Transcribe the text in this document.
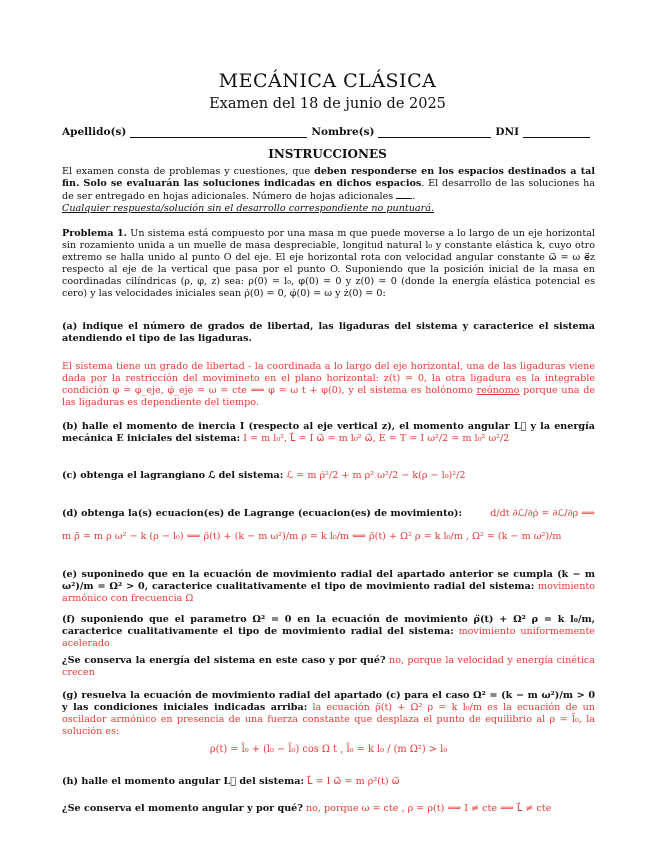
MECÁNICA CLÁSICA
Examen del 18 de junio de 2025
Apellido(s)	Nombre(s)	DNI
INSTRUCCIONES
El examen consta de problemas y cuestiones, que deben responderse en los espacios destinados a tal fin. Solo se evaluarán las soluciones indicadas en dichos espacios. El desarrollo de las soluciones ha de ser entregado en hojas adicionales. Número de hojas adicionales .
Cualquier respuesta/solución sin el desarrollo correspondiente no puntuará.
Problema 1. Un sistema está compuesto por una masa m que puede moverse a lo largo de un eje horizontal sin rozamiento unida a un muelle de masa despreciable, longitud natural l₀ y constante elástica k, cuyo otro extremo se halla unido al punto O del eje. El eje horizontal rota con velocidad angular constante ω⃗ = ω e⃗z respecto al eje de la vertical que pasa por el punto O. Suponiendo que la posición inicial de la masa en coordinadas cilíndricas (ρ, φ, z) sea: ρ(0) = l₀, φ(0) = 0 y z(0) = 0 (donde la energía elástica potencial es cero) y las velocidades iniciales sean ρ̇(0) = 0, φ̇(0) = ω y ż(0) = 0:
(a) indique el número de grados de libertad, las ligaduras del sistema y caracterice el sistema atendiendo el tipo de las ligaduras.
El sistema tiene un grado de libertad - la coordinada a lo largo del eje horizontal, una de las ligaduras viene dada por la restricción del movimineto en el plano horizontal: z(t) = 0, la otra ligadura es la integrable condición φ = φ_eje, φ̇_eje = ω = cte ⟹ φ = ω t + φ(0), y el sistema es holónomo reónomo porque una de las ligaduras es dependiente del tiempo.
(b) halle el momento de inercia I (respecto al eje vertical z), el momento angular L⃗ y la energía mecánica E iniciales del sistema: I = m l₀², L⃗ = I ω⃗ = m l₀² ω⃗, E = T = I ω²/2 = m l₀² ω²/2
(c) obtenga el lagrangiano ℒ del sistema: ℒ = m ρ̇²/2 + m ρ² ω²/2 − k(ρ − l₀)²/2
(d) obtenga la(s) ecuacion(es) de Lagrange (ecuacion(es) de movimiento):	d/dt ∂ℒ/∂ρ̇ = ∂ℒ/∂ρ ⟹
m ρ̈ = m ρ ω² − k (ρ − l₀) ⟺ ρ̈(t) + (k − m ω²)/m ρ = k l₀/m ⟺ ρ̈(t) + Ω² ρ = k l₀/m , Ω² = (k − m ω²)/m
(e) suponinedo que en la ecuación de movimiento radial del apartado anterior se cumpla (k − m ω²)/m = Ω² > 0, caracterice cualitativamente el tipo de movimiento radial del sistema: movimiento armónico con frecuencia Ω
(f) suponiendo que el parametro Ω² = 0 en la ecuación de movimiento ρ̈(t) + Ω² ρ = k l₀/m, caracterice cualitativamente el tipo de movimiento radial del sistema: movimiento uniformemente acelerado
¿Se conserva la energía del sistema en este caso y por qué? no, porque la velocidad y energía cinética crecen
(g) resuelva la ecuación de movimiento radial del apartado (c) para el caso Ω² = (k − m ω²)/m > 0 y las condiciones iniciales indicadas arriba: la ecuación ρ̈(t) + Ω² ρ = k l₀/m es la ecuación de un oscilador armónico en presencia de una fuerza constante que desplaza el punto de equilibrio al ρ = l̃₀, la solución es:
ρ(t) = l̃₀ + (l₀ − l̃₀) cos Ω t , l̃₀ = k l₀ / (m Ω²) > l₀
(h) halle el momento angular L⃗ del sistema: L⃗ = I ω⃗ = m ρ²(t) ω⃗
¿Se conserva el momento angular y por qué? no, porque ω = cte , ρ = ρ(t) ⟹ I ≠ cte ⟹ L⃗ ≠ cte
